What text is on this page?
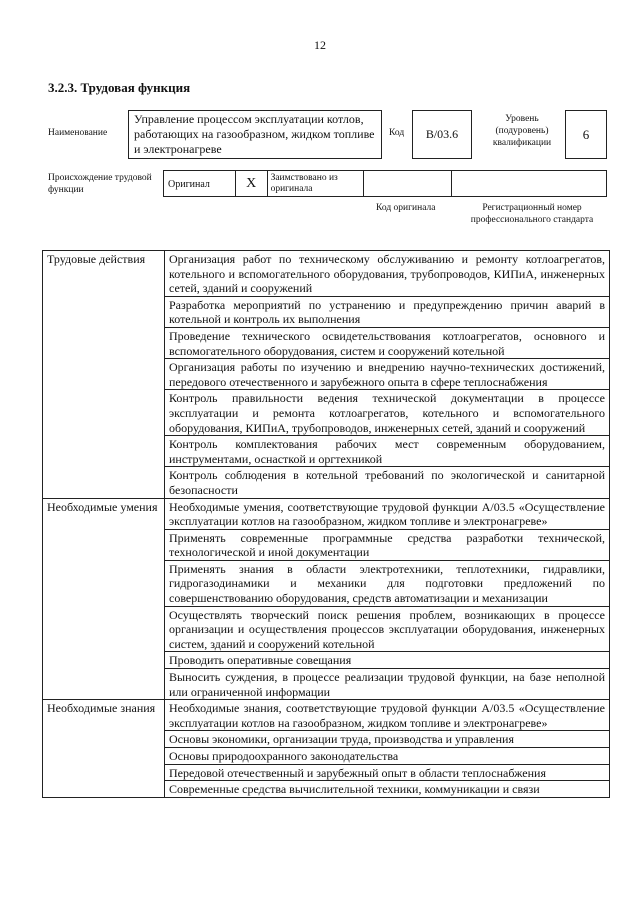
12
3.2.3. Трудовая функция
Наименование
Управление процессом эксплуатации котлов, работающих на газообразном, жидком топливе и электронагреве
Код	B/03.6
Уровень (подуровень) квалификации
6
Происхождение трудовой функции	Оригинал	X	Заимствовано из оригинала
Код оригинала	Регистрационный номер профессионального стандарта
Трудовые действия	Организация работ по техническому обслуживанию и ремонту котлоагрегатов, котельного и вспомогательного оборудования, трубопроводов, КИПиА, инженерных сетей, зданий и сооружений
	Разработка мероприятий по устранению и предупреждению причин аварий в котельной и контроль их выполнения
	Проведение технического освидетельствования котлоагрегатов, основного и вспомогательного оборудования, систем и сооружений котельной
	Организация работы по изучению и внедрению научно-технических достижений, передового отечественного и зарубежного опыта в сфере теплоснабжения
	Контроль правильности ведения технической документации в процессе эксплуатации и ремонта котлоагрегатов, котельного и вспомогательного оборудования, КИПиА, трубопроводов, инженерных сетей, зданий и сооружений
	Контроль комплектования рабочих мест современным оборудованием, инструментами, оснасткой и оргтехникой
	Контроль соблюдения в котельной требований по экологической и санитарной безопасности
Необходимые умения	Необходимые умения, соответствующие трудовой функции А/03.5 «Осуществление эксплуатации котлов на газообразном, жидком топливе и электронагреве»
	Применять современные программные средства разработки технической, технологической и иной документации
	Применять знания в области электротехники, теплотехники, гидравлики, гидрогазодинамики и механики для подготовки предложений по совершенствованию оборудования, средств автоматизации и механизации
	Осуществлять творческий поиск решения проблем, возникающих в процессе организации и осуществления процессов эксплуатации оборудования, инженерных систем, зданий и сооружений котельной
	Проводить оперативные совещания
	Выносить суждения, в процессе реализации трудовой функции, на базе неполной или ограниченной информации
Необходимые знания	Необходимые знания, соответствующие трудовой функции А/03.5 «Осуществление эксплуатации котлов на газообразном, жидком топливе и электронагреве»
	Основы экономики, организации труда, производства и управления
	Основы природоохранного законодательства
	Передовой отечественный и зарубежный опыт в области теплоснабжения
	Современные средства вычислительной техники, коммуникации и связи
